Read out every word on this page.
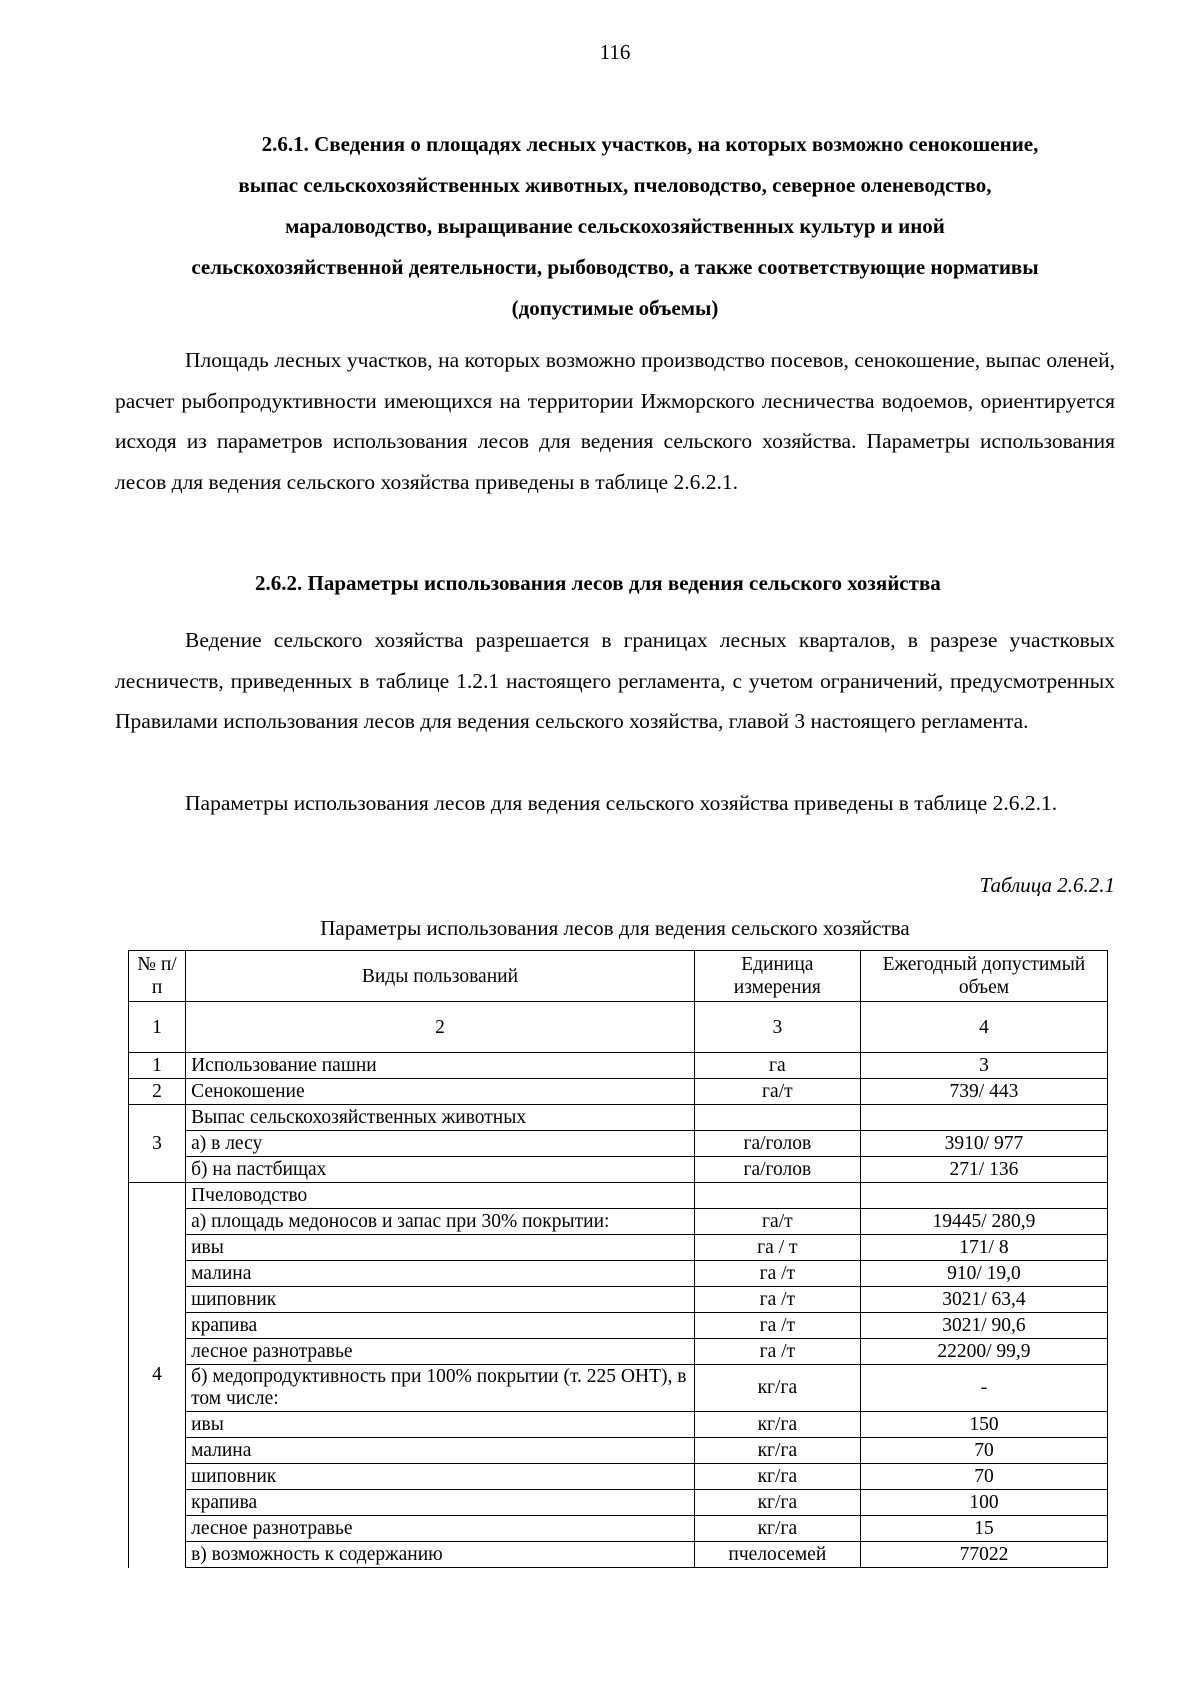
116
2.6.1. Сведения о площадях лесных участков, на которых возможно сенокошение,
выпас сельскохозяйственных животных, пчеловодство, северное оленеводство,
мараловодство, выращивание сельскохозяйственных культур и иной
сельскохозяйственной деятельности, рыбоводство, а также соответствующие нормативы
(допустимые объемы)

Площадь лесных участков, на которых возможно производство посевов, сенокошение, выпас оленей, расчет рыбопродуктивности имеющихся на территории Ижморского лесничества водоемов, ориентируется исходя из параметров использования лесов для ведения сельского хозяйства. Параметры использования лесов для ведения сельского хозяйства приведены в таблице 2.6.2.1.

2.6.2. Параметры использования лесов для ведения сельского хозяйства

Ведение сельского хозяйства разрешается в границах лесных кварталов, в разрезе участковых лесничеств, приведенных в таблице 1.2.1 настоящего регламента, с учетом ограничений, предусмотренных Правилами использования лесов для ведения сельского хозяйства, главой 3 настоящего регламента.

Параметры использования лесов для ведения сельского хозяйства приведены в таблице 2.6.2.1.

Таблица 2.6.2.1

Параметры использования лесов для ведения сельского хозяйства

№ п/п	Виды пользований	Единица измерения	Ежегодный допустимый объем
1	2	3	4
1	Использование пашни	га	3
2	Сенокошение	га/т	739/ 443
3	Выпас сельскохозяйственных животных		
	а) в лесу	га/голов	3910/ 977
	б) на пастбищах	га/голов	271/ 136
4	Пчеловодство		
	а) площадь медоносов и запас при 30% покрытии:	га/т	19445/ 280,9
	ивы	га / т	171/ 8
	малина	га /т	910/ 19,0
	шиповник	га /т	3021/ 63,4
	крапива	га /т	3021/ 90,6
	лесное разнотравье	га /т	22200/ 99,9
	б) медопродуктивность при 100% покрытии (т. 225 ОНТ), в том числе:	кг/га	-
	ивы	кг/га	150
	малина	кг/га	70
	шиповник	кг/га	70
	крапива	кг/га	100
	лесное разнотравье	кг/га	15
	в) возможность к содержанию	пчелосемей	77022
